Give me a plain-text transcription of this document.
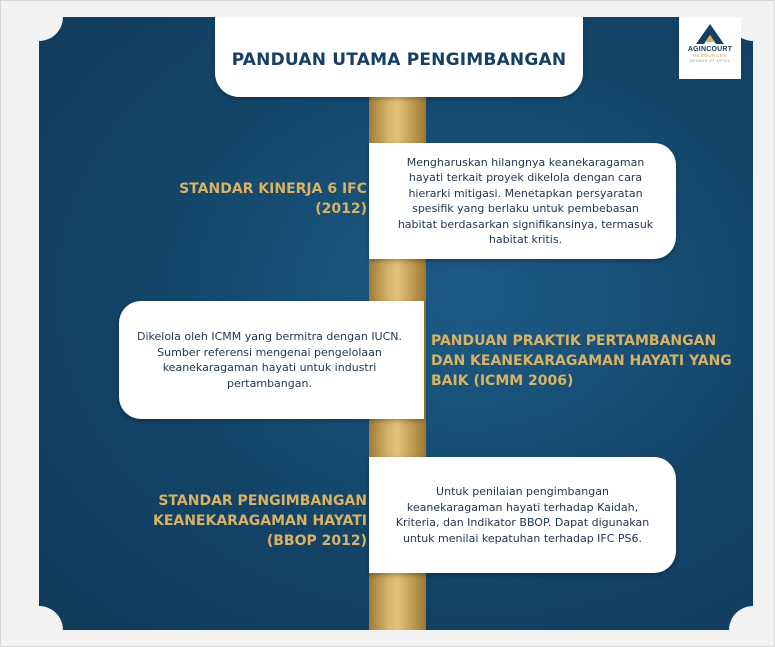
PANDUAN UTAMA PENGIMBANGAN
AGINCOURT
RESOURCES
MEMBER OF ASTRA
STANDAR KINERJA 6 IFC
(2012)
Mengharuskan hilangnya keanekaragaman hayati terkait proyek dikelola dengan cara hierarki mitigasi. Menetapkan persyaratan spesifik yang berlaku untuk pembebasan habitat berdasarkan signifikansinya, termasuk habitat kritis.
Dikelola oleh ICMM yang bermitra dengan IUCN. Sumber referensi mengenai pengelolaan keanekaragaman hayati untuk industri pertambangan.
PANDUAN PRAKTIK PERTAMBANGAN
DAN KEANEKARAGAMAN HAYATI YANG
BAIK (ICMM 2006)
STANDAR PENGIMBANGAN
KEANEKARAGAMAN HAYATI
(BBOP 2012)
Untuk penilaian pengimbangan keanekaragaman hayati terhadap Kaidah, Kriteria, dan Indikator BBOP. Dapat digunakan untuk menilai kepatuhan terhadap IFC PS6.
